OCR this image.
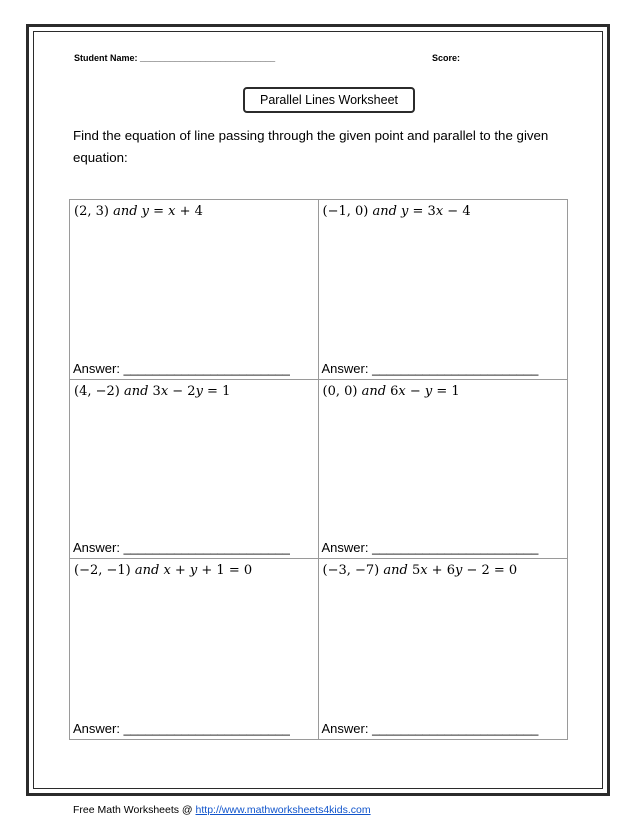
Student Name: ___________________________	Score:
Parallel Lines Worksheet
Find the equation of line passing through the given point and parallel to the given equation:
(2, 3) 𝑎𝑛𝑑 𝑦 = 𝑥 + 4
Answer: _______________________
(−1, 0) 𝑎𝑛𝑑 𝑦 = 3𝑥 − 4
Answer: _______________________
(4, −2) 𝑎𝑛𝑑 3𝑥 − 2𝑦 = 1
Answer: _______________________
(0, 0) 𝑎𝑛𝑑 6𝑥 − 𝑦 = 1
Answer: _______________________
(−2, −1) 𝑎𝑛𝑑 𝑥 + 𝑦 + 1 = 0
Answer: _______________________
(−3, −7) 𝑎𝑛𝑑 5𝑥 + 6𝑦 − 2 = 0
Answer: _______________________
Free Math Worksheets @ http://www.mathworksheets4kids.com
